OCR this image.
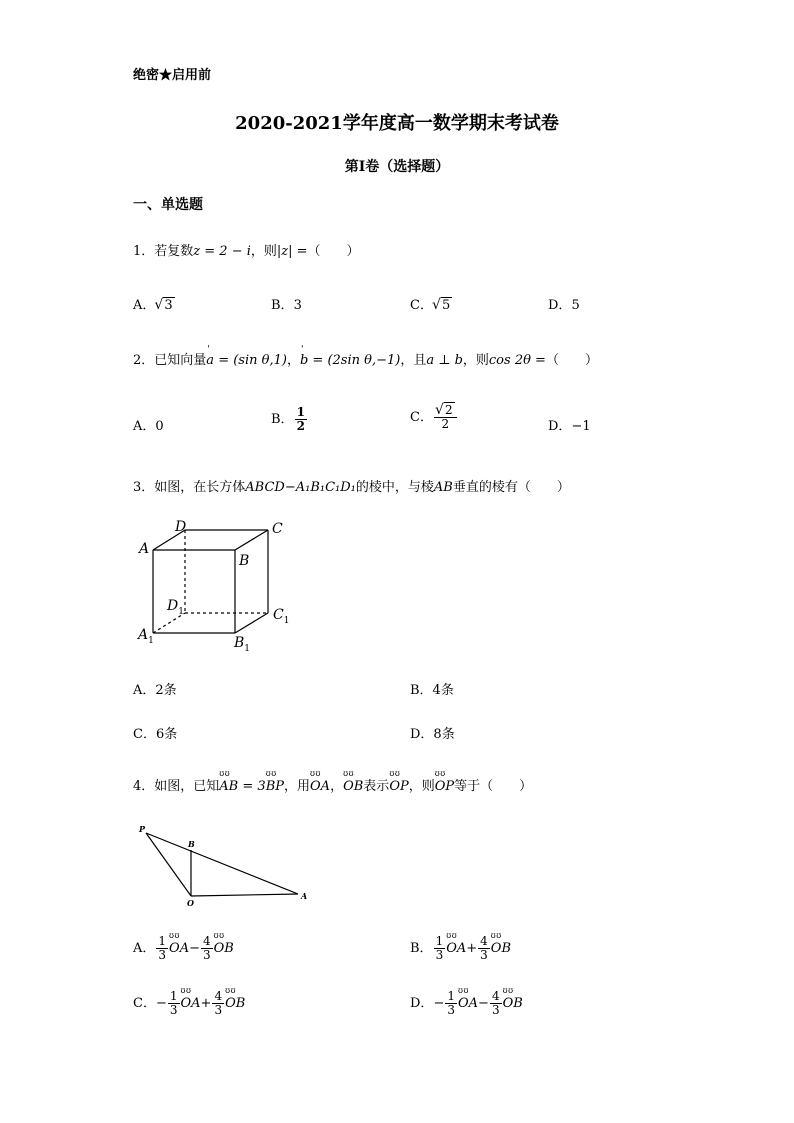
绝密★启用前
2020-2021学年度高一数学期末考试卷
第I卷（选择题）
一、单选题
1．若复数z = 2 − i，则|z| =（　　）
A． √ 3	B．3	C． √ 5	D．5
2．已知向量' a = (sin θ,1)，' b = (2sin θ,−1)，且a ⊥ b，则cos 2θ =（　　）
A．0	B． $\frac{1}{2}$	C． √ $\frac{2}{2}$	D．−1
3．如图，在长方体ABCD−A₁B₁C₁D₁的棱中，与棱AB垂直的棱有（　　）
A
B
C
D
$A_1$	$B_1$
$C_1$
$D_1$
A．2条	B．4条
C．6条	D．8条
4．如图，已知ʊ ʊ AB = 3ʊ ʊ BP，用ʊ ʊ OA，ʊ ʊ OB表示ʊ ʊ OP，则ʊ ʊ OP等于（　　）
P
B
O
A
A． $\frac{1}{3}$ ʊ ʊ $OA- \frac{4}{3}$ ʊ ʊ OB	B． $\frac{1}{3}$ ʊ ʊ $OA+ \frac{4}{3}$ ʊ ʊ OB
C．− $\frac{1}{3}$ ʊ ʊ $OA+ \frac{4}{3}$ ʊ ʊ OB	D．− $\frac{1}{3}$ ʊ ʊ $OA- \frac{4}{3}$ ʊ ʊ OB
